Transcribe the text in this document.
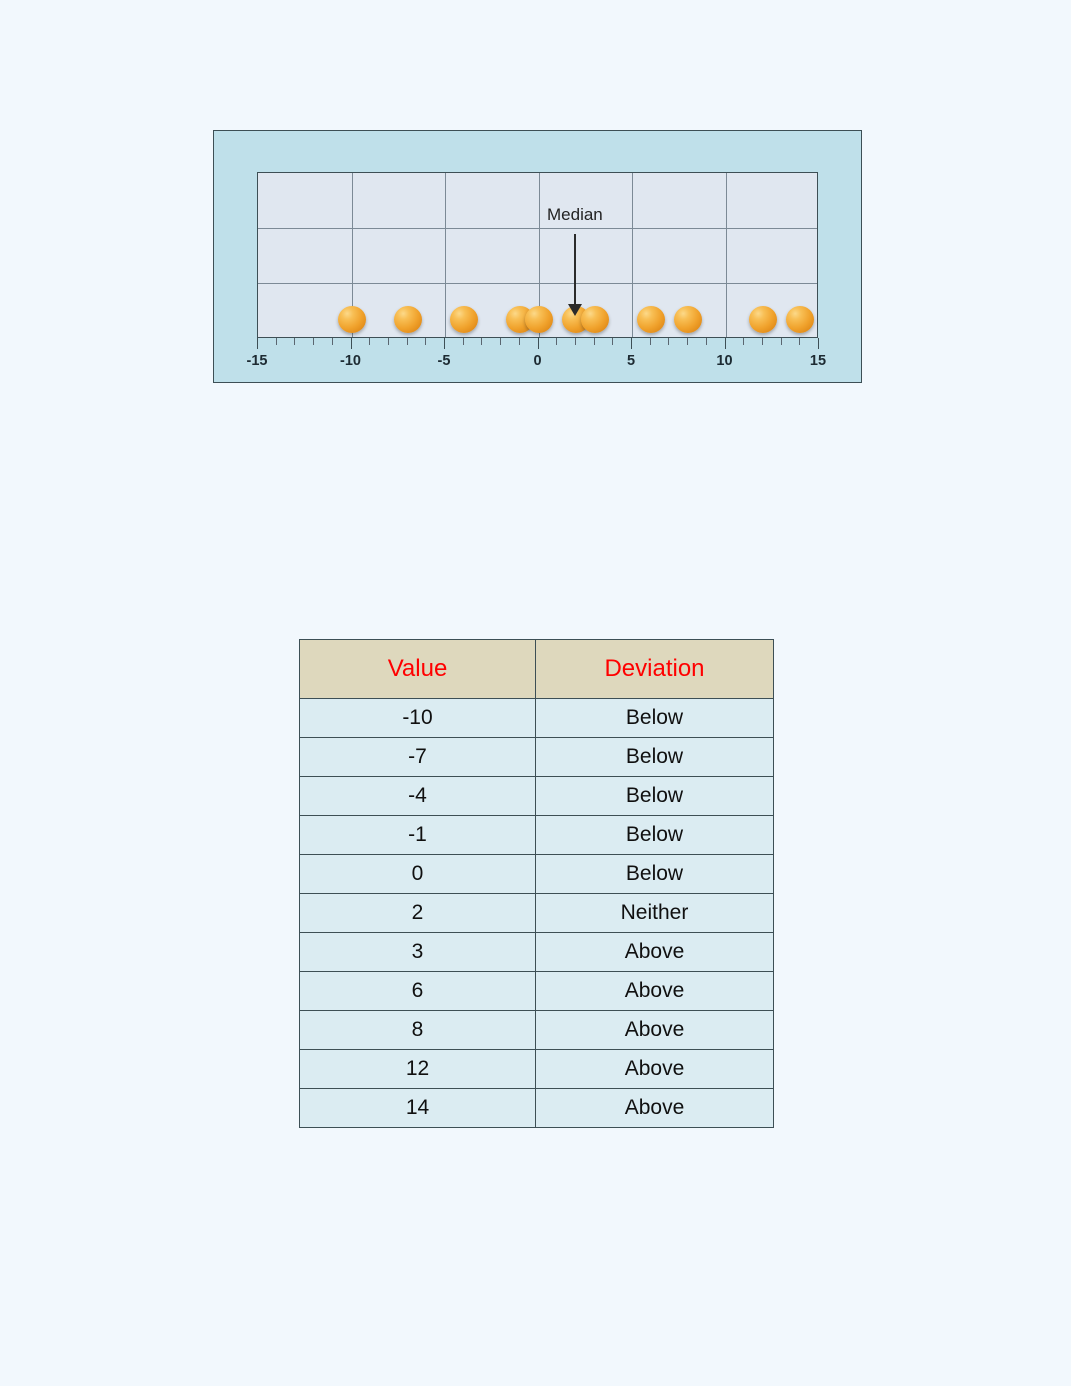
-15	-10	-5	0	5	10	15
Median
Value	Deviation
-10	Below
-7	Below
-4	Below
-1	Below
0	Below
2	Neither
3	Above
6	Above
8	Above
12	Above
14	Above
